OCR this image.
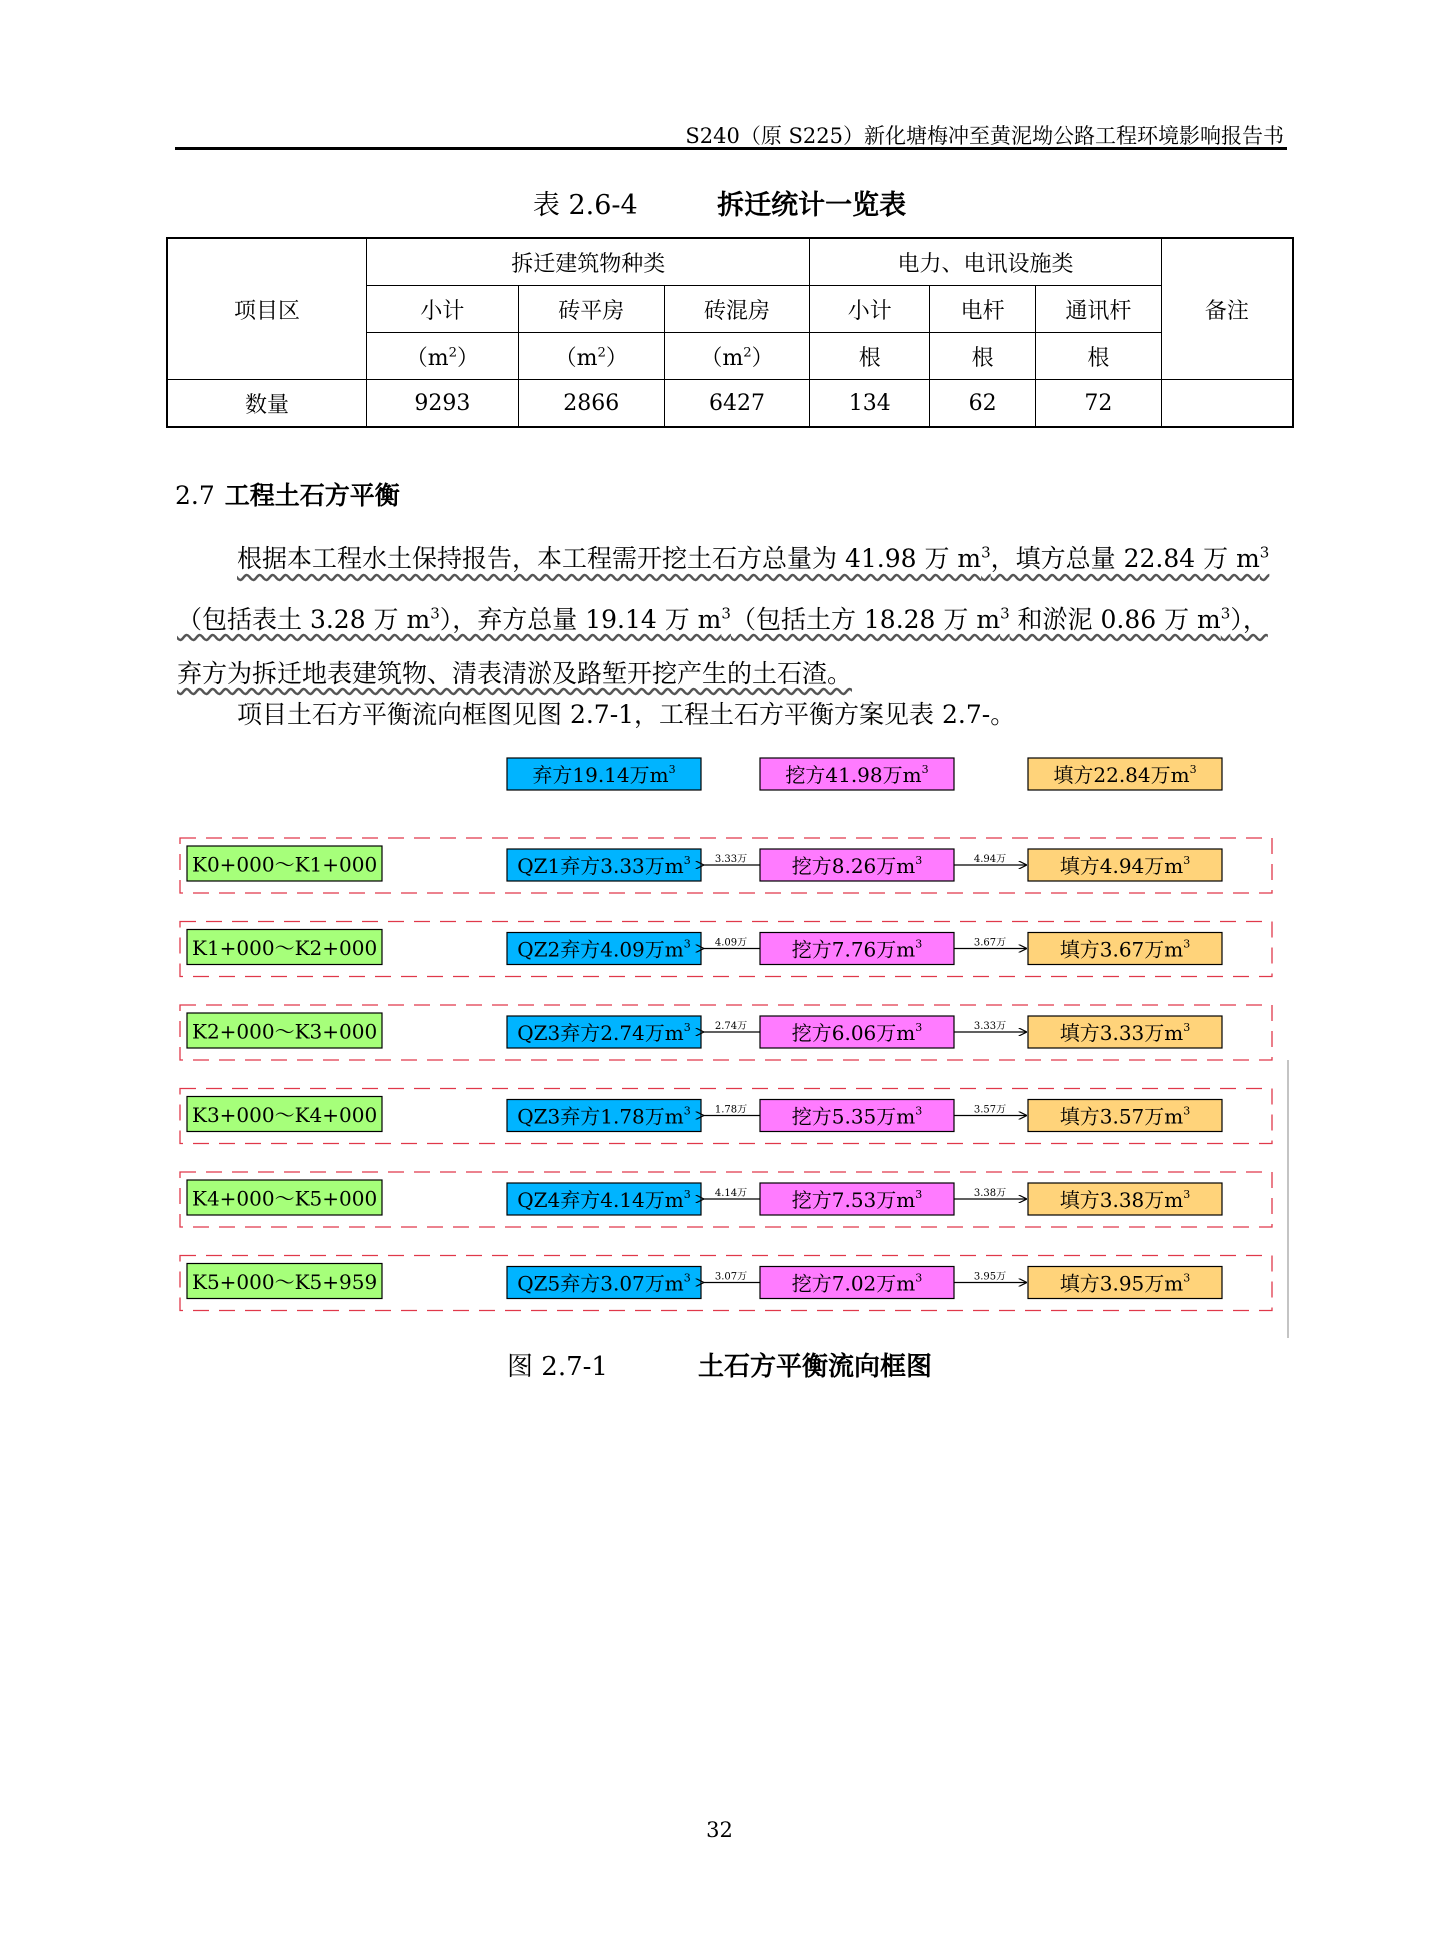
S240（原 S225）新化塘梅冲至黄泥坳公路工程环境影响报告书
表 2.6-4	拆迁统计一览表
项目区	拆迁建筑物种类			电力、电讯设施类			备注
	小计	砖平房	砖混房	小计	电杆	通讯杆	
	$(m^2)$	$(m^2)$	$(m^2)$	根	根	根	
数量	9293	2866	6427	134	62	72	
2.7 工程土石方平衡
根据本工程水土保持报告，本工程需开挖土石方总量为 41.98 万 $m^3$，填方总量 22.84 万 $m^3$（包括表土 3.28 万 $m^3$），弃方总量 19.14 万 $m^3$（包括土方 18.28 万 $m^3$ 和淤泥 0.86 万 $m^3$），弃方为拆迁地表建筑物、清表清淤及路堑开挖产生的土石渣。
项目土石方平衡流向框图见图 2.7-1，工程土石方平衡方案见表 2.7-。
弃方19.14万$m^3$	挖方41.98万$m^3$	填方22.84万$m^3$
K0+000～K1+000	QZ1弃方3.33万$m^3$	挖方8.26万$m^3$	填方4.94万$m^3$
3.33万	4.94万
K1+000～K2+000	QZ2弃方4.09万$m^3$	挖方7.76万$m^3$	填方3.67万$m^3$
4.09万	3.67万
K2+000～K3+000	QZ3弃方2.74万$m^3$	挖方6.06万$m^3$	填方3.33万$m^3$
2.74万	3.33万
K3+000～K4+000	QZ3弃方1.78万$m^3$	挖方5.35万$m^3$	填方3.57万$m^3$
1.78万	3.57万
K4+000～K5+000	QZ4弃方4.14万$m^3$	挖方7.53万$m^3$	填方3.38万$m^3$
4.14万	3.38万
K5+000～K5+959	QZ5弃方3.07万$m^3$	挖方7.02万$m^3$	填方3.95万$m^3$
3.07万	3.95万
图 2.7-1	土石方平衡流向框图
32
